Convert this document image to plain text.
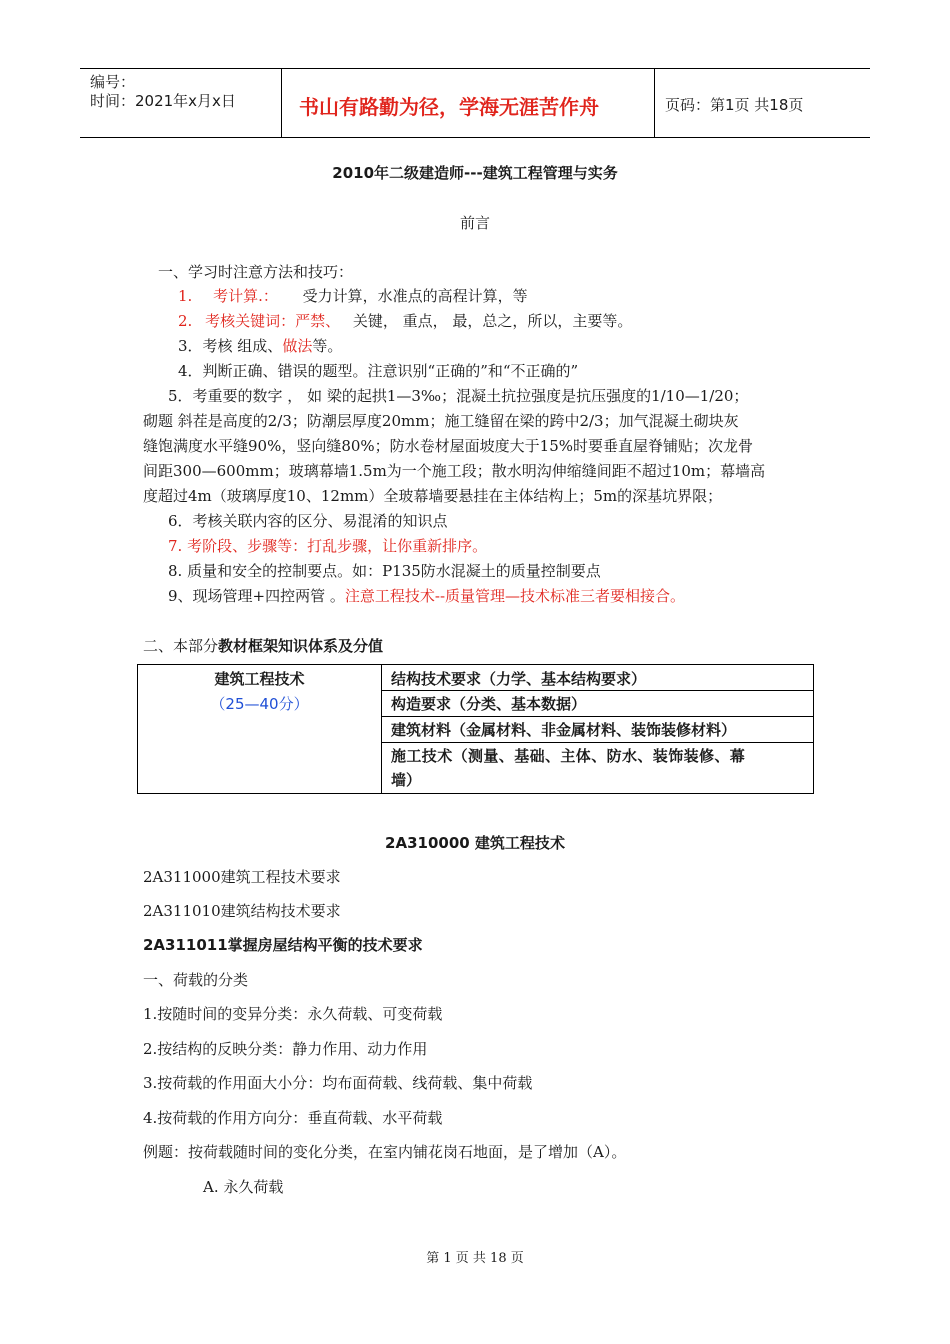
编号：
时间：2021年x月x日	书山有路勤为径，学海无涯苦作舟	页码：第1页 共18页
2010年二级建造师---建筑工程管理与实务
前言
一、学习时注意方法和技巧：
1. 考计算.： 受力计算，水准点的高程计算，等
2. 考核关键词：严禁、 关键， 重点， 最，总之，所以，主要等。
3．考核 组成、做法等。
4．判断正确、错误的题型。注意识别“正确的”和“不正确的”
5．考重要的数字 ， 如 梁的起拱1—3‰；混凝土抗拉强度是抗压强度的1/10—1/20；
砌题 斜茬是高度的2/3；防潮层厚度20mm；施工缝留在梁的跨中2/3；加气混凝土砌块灰
缝饱满度水平缝90%，竖向缝80%；防水卷材屋面坡度大于15%时要垂直屋脊铺贴；次龙骨
间距300—600mm；玻璃幕墙1.5m为一个施工段；散水明沟伸缩缝间距不超过10m；幕墙高
度超过4m（玻璃厚度10、12mm）全玻幕墙要悬挂在主体结构上；5m的深基坑界限；
6．考核关联内容的区分、易混淆的知识点
7. 考阶段、步骤等：打乱步骤，让你重新排序。
8. 质量和安全的控制要点。如：P135防水混凝土的质量控制要点
9、现场管理+四控两管 。注意工程技术--质量管理—技术标准三者要相接合。
二、本部分教材框架知识体系及分值
建筑工程技术
（25—40分）
结构技术要求（力学、基本结构要求）
构造要求（分类、基本数据）
建筑材料（金属材料、非金属材料、装饰装修材料）
施工技术（测量、基础、主体、防水、装饰装修、幕
墙）
2A310000 建筑工程技术
2A311000建筑工程技术要求
2A311010建筑结构技术要求
2A311011掌握房屋结构平衡的技术要求
一、荷载的分类
1.按随时间的变异分类：永久荷载、可变荷载
2.按结构的反映分类：静力作用、动力作用
3.按荷载的作用面大小分：均布面荷载、线荷载、集中荷载
4.按荷载的作用方向分：垂直荷载、水平荷载
例题：按荷载随时间的变化分类，在室内铺花岗石地面，是了增加（A）。
A. 永久荷载
第 1 页 共 18 页
